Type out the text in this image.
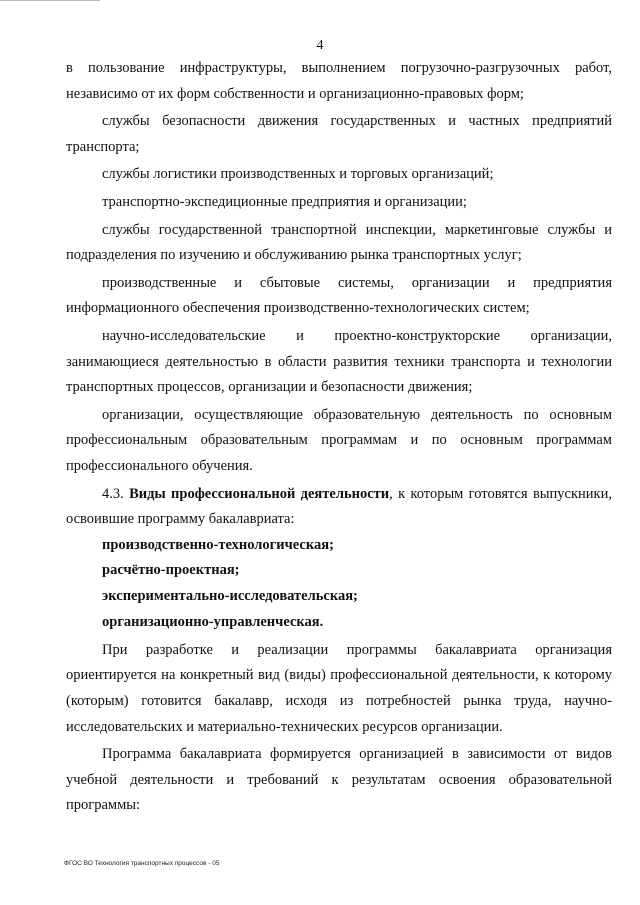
4

в пользование инфраструктуры, выполнением погрузочно-разгрузочных работ, независимо от их форм собственности и организационно-правовых форм;

службы безопасности движения государственных и частных предприятий транспорта;

службы логистики производственных и торговых организаций;

транспортно-экспедиционные предприятия и организации;

службы государственной транспортной инспекции, маркетинговые службы и подразделения по изучению и обслуживанию рынка транспортных услуг;

производственные и сбытовые системы, организации и предприятия информационного обеспечения производственно-технологических систем;

научно-исследовательские и проектно-конструкторские организации, занимающиеся деятельностью в области развития техники транспорта и технологии транспортных процессов, организации и безопасности движения;

организации, осуществляющие образовательную деятельность по основным профессиональным образовательным программам и по основным программам профессионального обучения.

4.3. Виды профессиональной деятельности, к которым готовятся выпускники, освоившие программу бакалавриата:

производственно-технологическая;

расчётно-проектная;

экспериментально-исследовательская;

организационно-управленческая.

При разработке и реализации программы бакалавриата организация ориентируется на конкретный вид (виды) профессиональной деятельности, к которому (которым) готовится бакалавр, исходя из потребностей рынка труда, научно-исследовательских и материально-технических ресурсов организации.

Программа бакалавриата формируется организацией в зависимости от видов учебной деятельности и требований к результатам освоения образовательной программы:

ФГОС ВО Технология транспортных процессов - 05
